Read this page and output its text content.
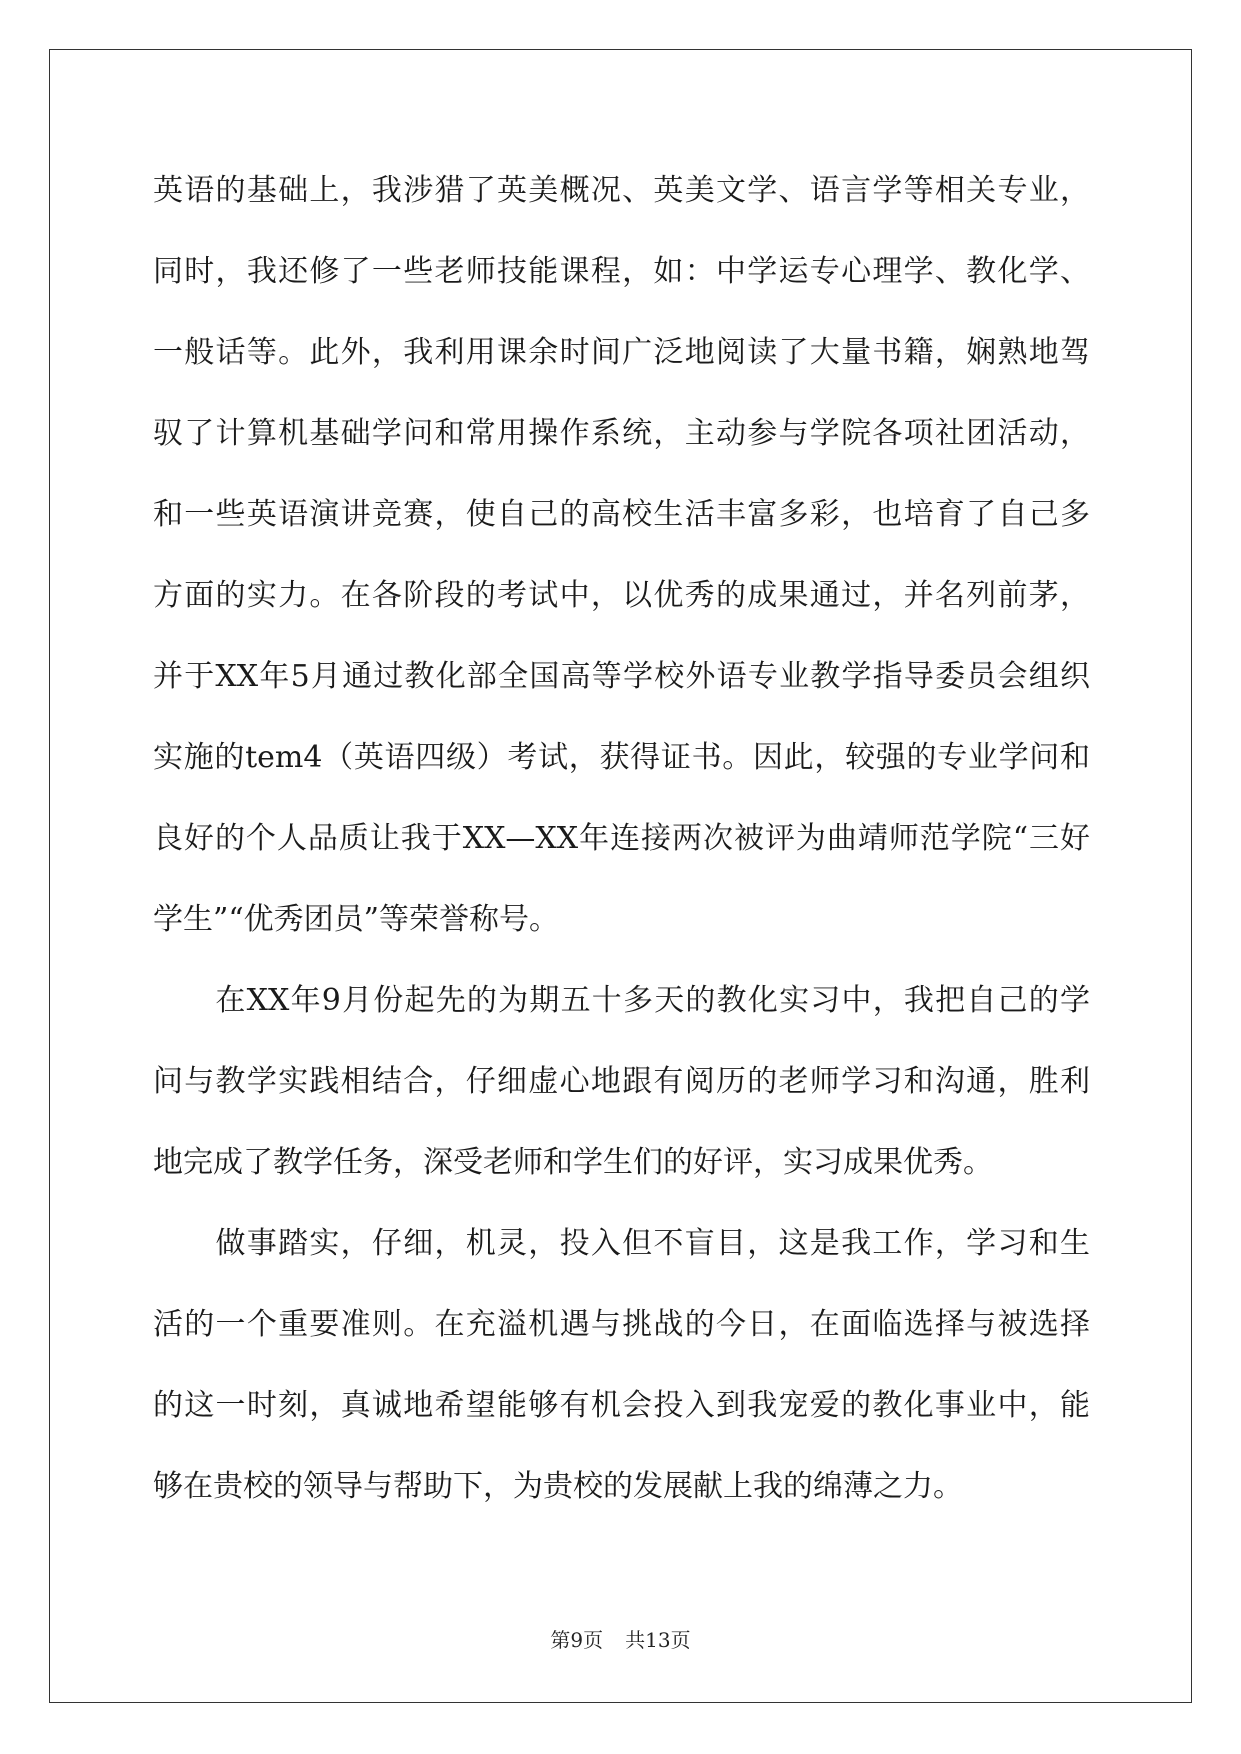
英语的基础上，我涉猎了英美概况、英美文学、语言学等相关专业，
同时，我还修了一些老师技能课程，如：中学运专心理学、教化学、
一般话等。此外，我利用课余时间广泛地阅读了大量书籍，娴熟地驾
驭了计算机基础学问和常用操作系统，主动参与学院各项社团活动，
和一些英语演讲竞赛，使自己的高校生活丰富多彩，也培育了自己多
方面的实力。在各阶段的考试中，以优秀的成果通过，并名列前茅，
并于XX年5月通过教化部全国高等学校外语专业教学指导委员会组织
实施的tem4（英语四级）考试，获得证书。因此，较强的专业学问和
良好的个人品质让我于XX—XX年连接两次被评为曲靖师范学院“三好
学生”“优秀团员”等荣誉称号。
　　在XX年9月份起先的为期五十多天的教化实习中，我把自己的学
问与教学实践相结合，仔细虚心地跟有阅历的老师学习和沟通，胜利
地完成了教学任务，深受老师和学生们的好评，实习成果优秀。
　　做事踏实，仔细，机灵，投入但不盲目，这是我工作，学习和生
活的一个重要准则。在充溢机遇与挑战的今日，在面临选择与被选择
的这一时刻，真诚地希望能够有机会投入到我宠爱的教化事业中，能
够在贵校的领导与帮助下，为贵校的发展献上我的绵薄之力。
第9页 共13页
